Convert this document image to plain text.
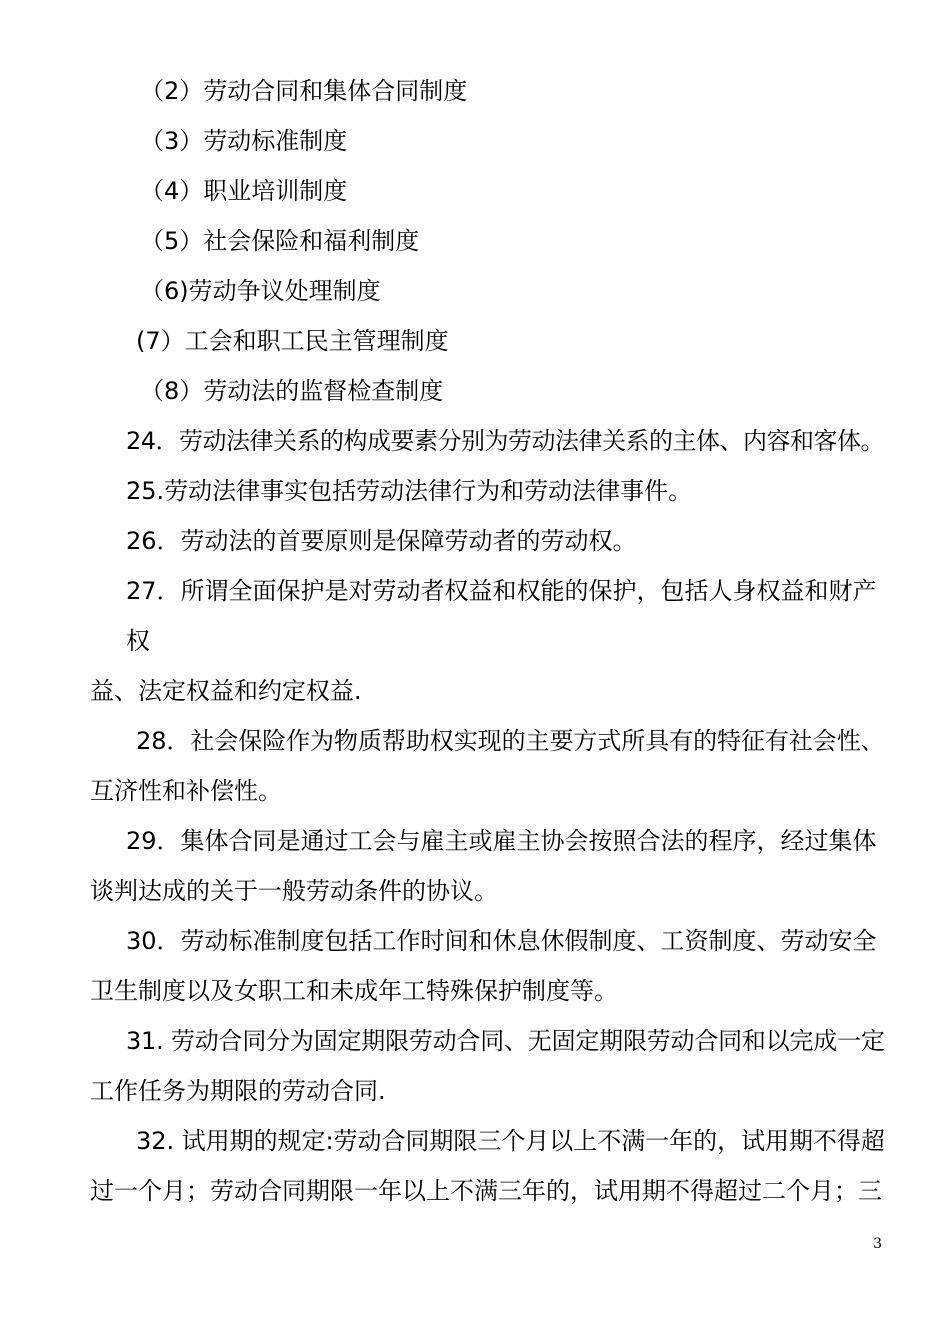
（2）劳动合同和集体合同制度
（3）劳动标准制度
（4）职业培训制度
（5）社会保险和福利制度
（6)劳动争议处理制度
(7）工会和职工民主管理制度
（8）劳动法的监督检查制度
24．劳动法律关系的构成要素分别为劳动法律关系的主体、内容和客体。
25.劳动法律事实包括劳动法律行为和劳动法律事件。
26．劳动法的首要原则是保障劳动者的劳动权。
27．所谓全面保护是对劳动者权益和权能的保护，包括人身权益和财产
权
益、法定权益和约定权益.
28．社会保险作为物质帮助权实现的主要方式所具有的特征有社会性、
互济性和补偿性。
29．集体合同是通过工会与雇主或雇主协会按照合法的程序，经过集体
谈判达成的关于一般劳动条件的协议。
30．劳动标准制度包括工作时间和休息休假制度、工资制度、劳动安全
卫生制度以及女职工和未成年工特殊保护制度等。
31. 劳动合同分为固定期限劳动合同、无固定期限劳动合同和以完成一定
工作任务为期限的劳动合同.
32. 试用期的规定:劳动合同期限三个月以上不满一年的，试用期不得超
过一个月；劳动合同期限一年以上不满三年的，试用期不得超过二个月；三
3
